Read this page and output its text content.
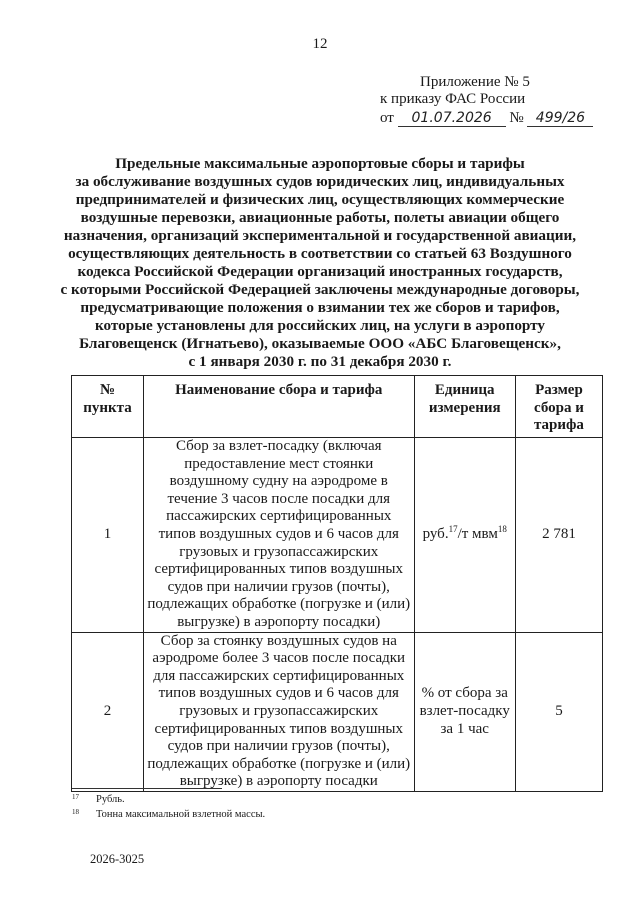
12
Приложение № 5
к приказу ФАС России
от 01.07.2026 № 499/26
Предельные максимальные аэропортовые сборы и тарифы
за обслуживание воздушных судов юридических лиц, индивидуальных
предпринимателей и физических лиц, осуществляющих коммерческие
воздушные перевозки, авиационные работы, полеты авиации общего
назначения, организаций экспериментальной и государственной авиации,
осуществляющих деятельность в соответствии со статьей 63 Воздушного
кодекса Российской Федерации организаций иностранных государств,
с которыми Российской Федерацией заключены международные договоры,
предусматривающие положения о взимании тех же сборов и тарифов,
которые установлены для российских лиц, на услуги в аэропорту
Благовещенск (Игнатьево), оказываемые ООО «АБС Благовещенск»,
с 1 января 2030 г. по 31 декабря 2030 г.
№ пункта	Наименование сбора и тарифа	Единица измерения	Размер сбора и тарифа
1	Сбор за взлет-посадку (включая предоставление мест стоянки воздушному судну на аэродроме в течение 3 часов после посадки для пассажирских сертифицированных типов воздушных судов и 6 часов для грузовых и грузопассажирских сертифицированных типов воздушных судов при наличии грузов (почты), подлежащих обработке (погрузке и (или) выгрузке) в аэропорту посадки)	руб.$^{17}$/т мвм$^{18}$	2 781
2	Сбор за стоянку воздушных судов на аэродроме более 3 часов после посадки для пассажирских сертифицированных типов воздушных судов и 6 часов для грузовых и грузопассажирских сертифицированных типов воздушных судов при наличии грузов (почты), подлежащих обработке (погрузке и (или) выгрузке) в аэропорту посадки	% от сбора за взлет-посадку за 1 час	5
17	Рубль.
18	Тонна максимальной взлетной массы.
2026-3025
